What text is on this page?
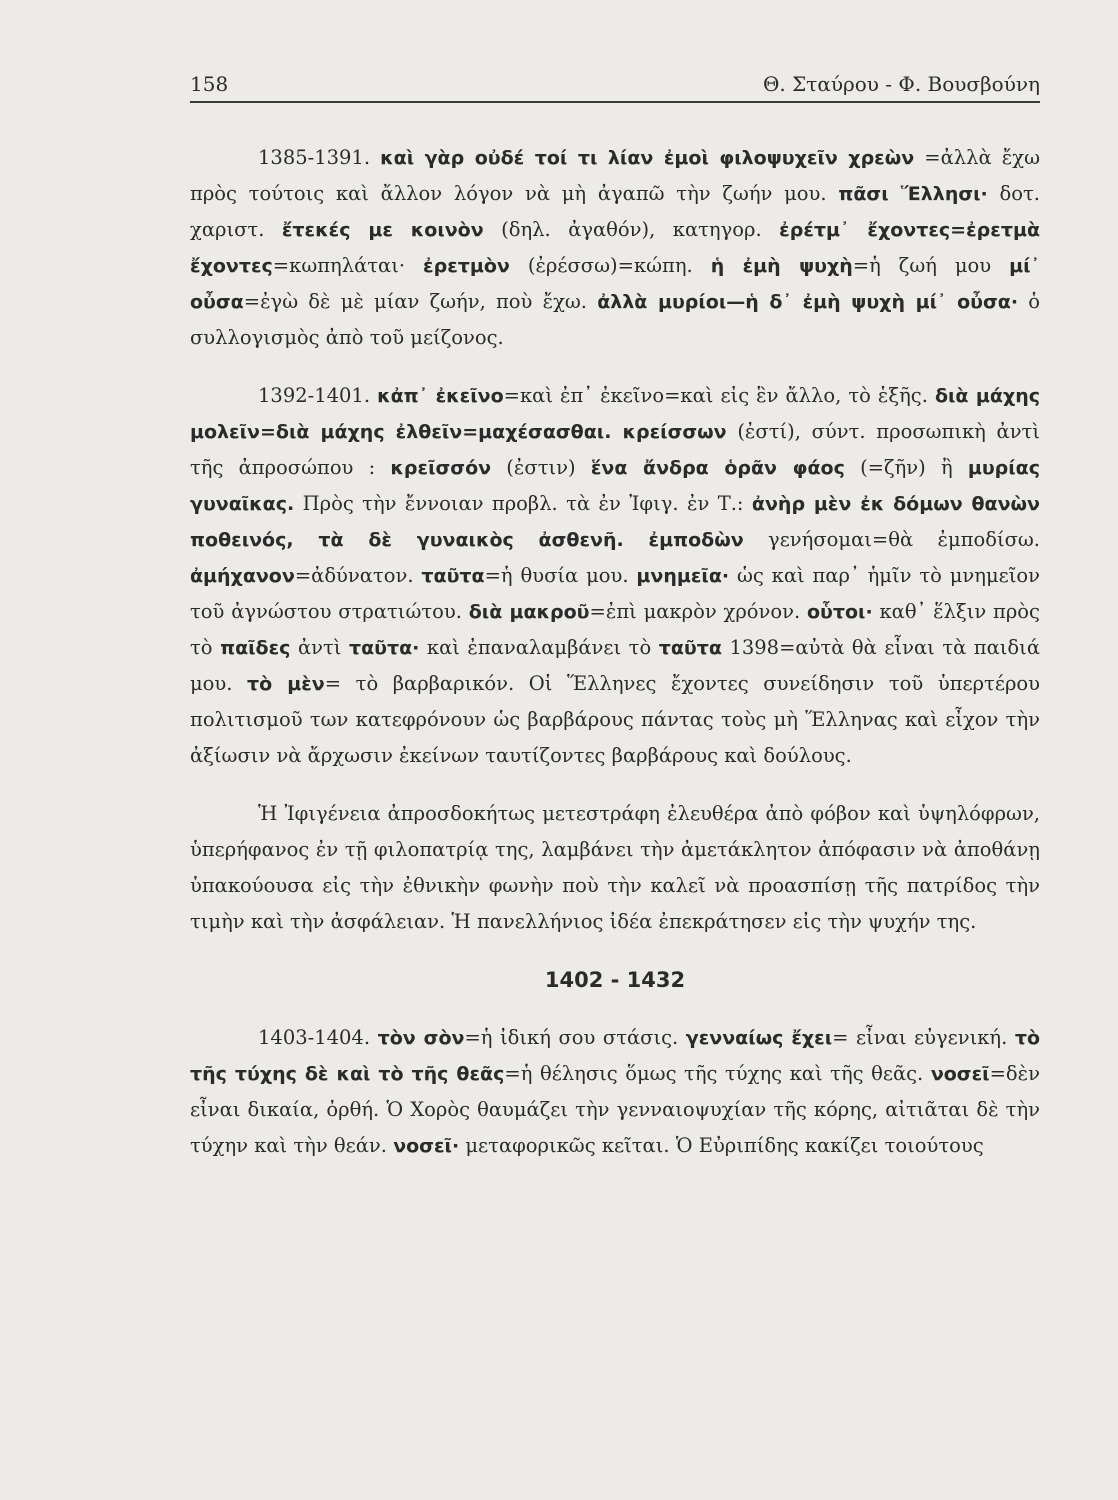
158	Θ. Σταύρου - Φ. Βουσβούνη

1385-1391. καὶ γὰρ οὐδέ τοί τι λίαν ἐμοὶ φιλοψυχεῖν χρεὼν =ἀλλὰ ἔχω πρὸς τούτοις καὶ ἄλλον λόγον νὰ μὴ ἀγαπῶ τὴν ζωήν μου. πᾶσι Ἕλλησι· δοτ. χαριστ. ἔτεκές με κοινὸν (δηλ. ἀγαθόν), κατηγορ. ἐρέτμ᾽ ἔχοντες=ἐρετμὰ ἔχοντες=κωπηλάται· ἐρετμὸν (ἐρέσσω)=κώπη. ἡ ἐμὴ ψυχὴ=ἡ ζωή μου μί᾽ οὖσα=ἐγὼ δὲ μὲ μίαν ζωήν, ποὺ ἔχω. ἀλλὰ μυρίοι—ἡ δ᾽ ἐμὴ ψυχὴ μί᾽ οὖσα· ὁ συλλογισμὸς ἀπὸ τοῦ μείζονος.

1392-1401. κἀπ᾽ ἐκεῖνο=καὶ ἐπ᾽ ἐκεῖνο=καὶ εἰς ἓν ἄλλο, τὸ ἑξῆς. διὰ μάχης μολεῖν=διὰ μάχης ἐλθεῖν=μαχέσασθαι. κρείσσων (ἐστί), σύντ. προσωπικὴ ἀντὶ τῆς ἀπροσώπου : κρεῖσσόν (ἐστιν) ἕνα ἄνδρα ὁρᾶν φάος (=ζῆν) ἢ μυρίας γυναῖκας. Πρὸς τὴν ἔννοιαν προβλ. τὰ ἐν Ἰφιγ. ἐν Τ.: ἀνὴρ μὲν ἐκ δόμων θανὼν ποθεινός, τὰ δὲ γυναικὸς ἀσθενῆ. ἐμποδὼν γενήσομαι=θὰ ἐμποδίσω. ἀμήχανον=ἀδύνατον. ταῦτα=ἡ θυσία μου. μνημεῖα· ὡς καὶ παρ᾽ ἡμῖν τὸ μνημεῖον τοῦ ἀγνώστου στρατιώτου. διὰ μακροῦ=ἐπὶ μακρὸν χρόνον. οὗτοι· καθ᾽ ἕλξιν πρὸς τὸ παῖδες ἀντὶ ταῦτα· καὶ ἐπαναλαμβάνει τὸ ταῦτα 1398=αὐτὰ θὰ εἶναι τὰ παιδιά μου. τὸ μὲν= τὸ βαρβαρικόν. Οἱ Ἕλληνες ἔχοντες συνείδησιν τοῦ ὑπερτέρου πολιτισμοῦ των κατεφρόνουν ὡς βαρβάρους πάντας τοὺς μὴ Ἕλληνας καὶ εἶχον τὴν ἀξίωσιν νὰ ἄρχωσιν ἐκείνων ταυτίζοντες βαρβάρους καὶ δούλους.

Ἡ Ἰφιγένεια ἀπροσδοκήτως μετεστράφη ἐλευθέρα ἀπὸ φόβον καὶ ὑψηλόφρων, ὑπερήφανος ἐν τῇ φιλοπατρίᾳ της, λαμβάνει τὴν ἀμετάκλητον ἀπόφασιν νὰ ἀποθάνῃ ὑπακούουσα εἰς τὴν ἐθνικὴν φωνὴν ποὺ τὴν καλεῖ νὰ προασπίσῃ τῆς πατρίδος τὴν τιμὴν καὶ τὴν ἀσφάλειαν. Ἡ πανελλήνιος ἰδέα ἐπεκράτησεν εἰς τὴν ψυχήν της.

1402 - 1432

1403-1404. τὸν σὸν=ἡ ἰδική σου στάσις. γενναίως ἔχει= εἶναι εὐγενική. τὸ τῆς τύχης δὲ καὶ τὸ τῆς θεᾶς=ἡ θέλησις ὅμως τῆς τύχης καὶ τῆς θεᾶς. νοσεῖ=δὲν εἶναι δικαία, ὀρθή. Ὁ Χορὸς θαυμάζει τὴν γενναιοψυχίαν τῆς κόρης, αἰτιᾶται δὲ τὴν τύχην καὶ τὴν θεάν. νοσεῖ· μεταφορικῶς κεῖται. Ὁ Εὐριπίδης κακίζει τοιούτους
